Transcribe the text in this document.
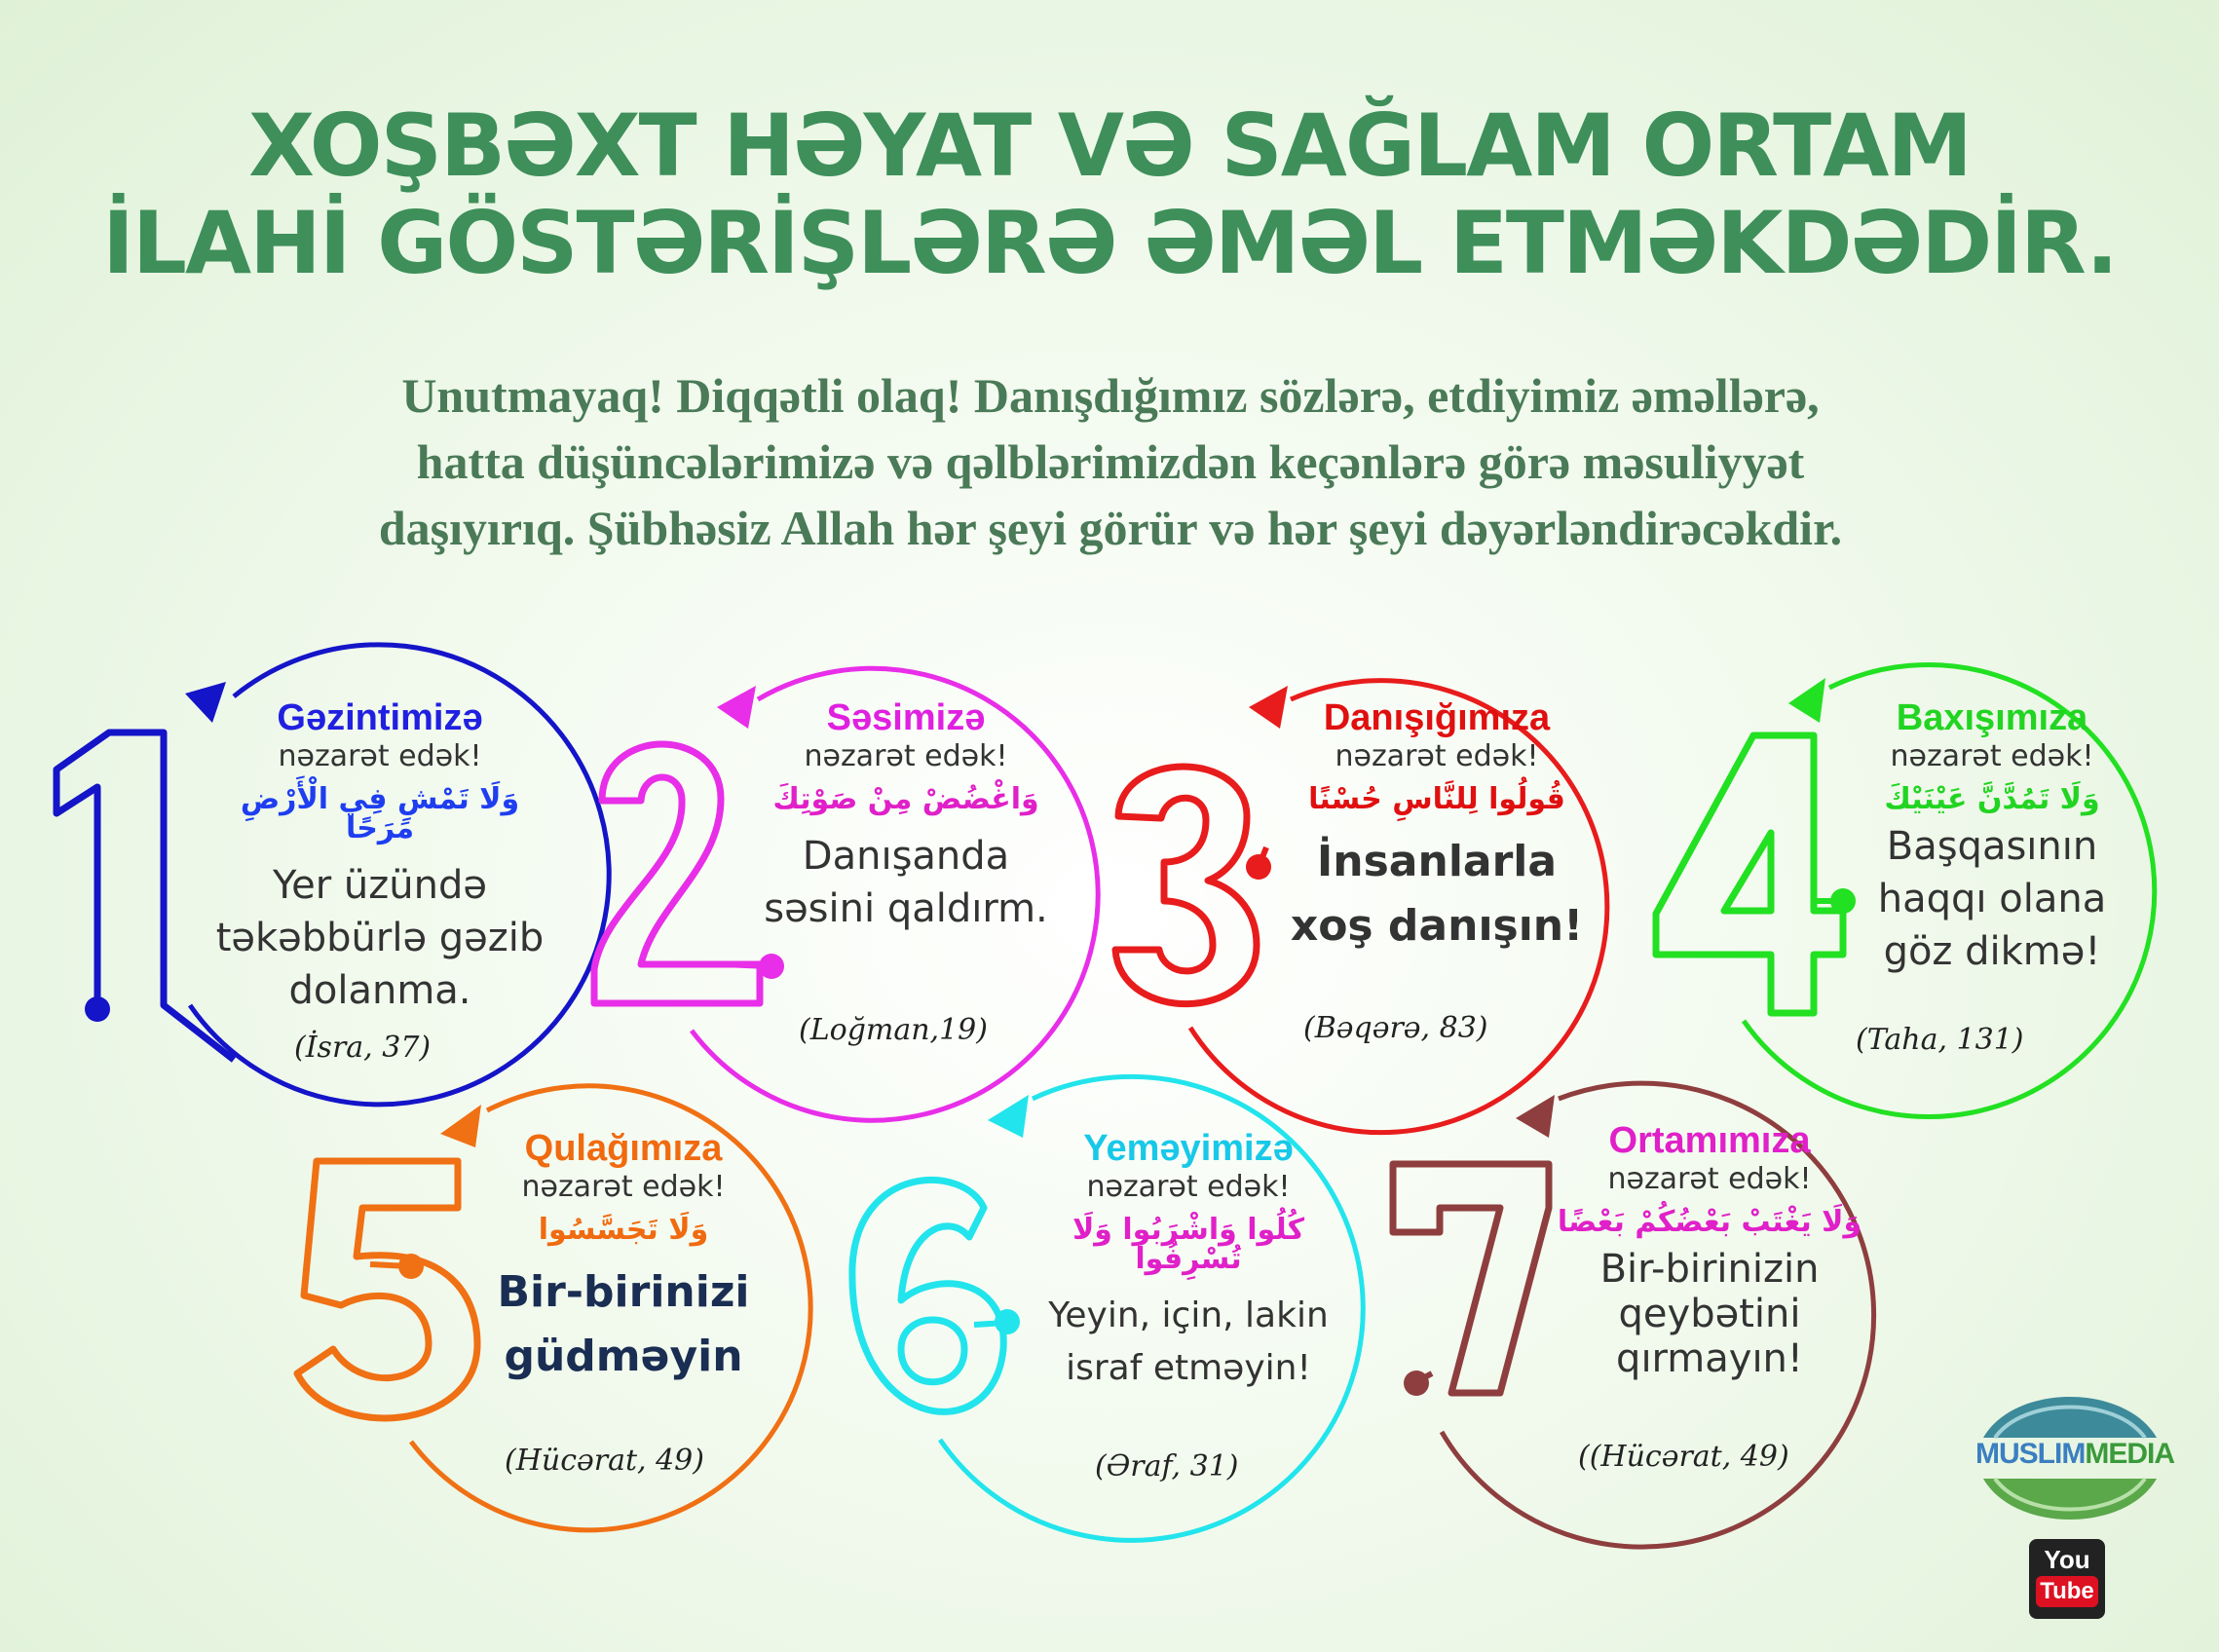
XOŞBƏXT HƏYAT VƏ SAĞLAM ORTAM
İLAHİ GÖSTƏRİŞLƏRƏ ƏMƏL ETMƏKDƏDİR.
Unutmayaq! Diqqətli olaq! Danışdığımız sözlərə, etdiyimiz əməllərə,
hatta düşüncələrimizə və qəlblərimizdən keçənlərə görə məsuliyyət
daşıyırıq. Şübhəsiz Allah hər şeyi görür və hər şeyi dəyərləndirəcəkdir.
Gəzintimizə
nəzarət edək!
وَلَا تَمْشِ فِي الْأَرْضِ مَرَحًا
Yer üzündə
təkəbbürlə gəzib
dolanma.
(İsra, 37)
Səsimizə
nəzarət edək!
وَاغْضُضْ مِنْ صَوْتِكَ
Danışanda
səsini qaldırm.
(Loğman,19)
Danışığımıza
nəzarət edək!
قُولُوا لِلنَّاسِ حُسْنًا
İnsanlarla
xoş danışın!
(Bəqərə, 83)
Baxışımıza
nəzarət edək!
وَلَا تَمُدَّنَّ عَيْنَيْكَ
Başqasının
haqqı olana
göz dikmə!
(Taha, 131)
Qulağımıza
nəzarət edək!
وَلَا تَجَسَّسُوا
Bir-birinizi
güdməyin
(Hücərat, 49)
Yeməyimizə
nəzarət edək!
كُلُوا وَاشْرَبُوا وَلَا تُسْرِفُوا
Yeyin, için, lakin
israf etməyin!
(Əraf, 31)
Ortamımıza
nəzarət edək!
وَلَا يَغْتَبْ بَعْضُكُمْ بَعْضًا
Bir-birinizin
qeybətini
qırmayın!
((Hücərat, 49)	MUSLIMMEDIA
You
Tube
